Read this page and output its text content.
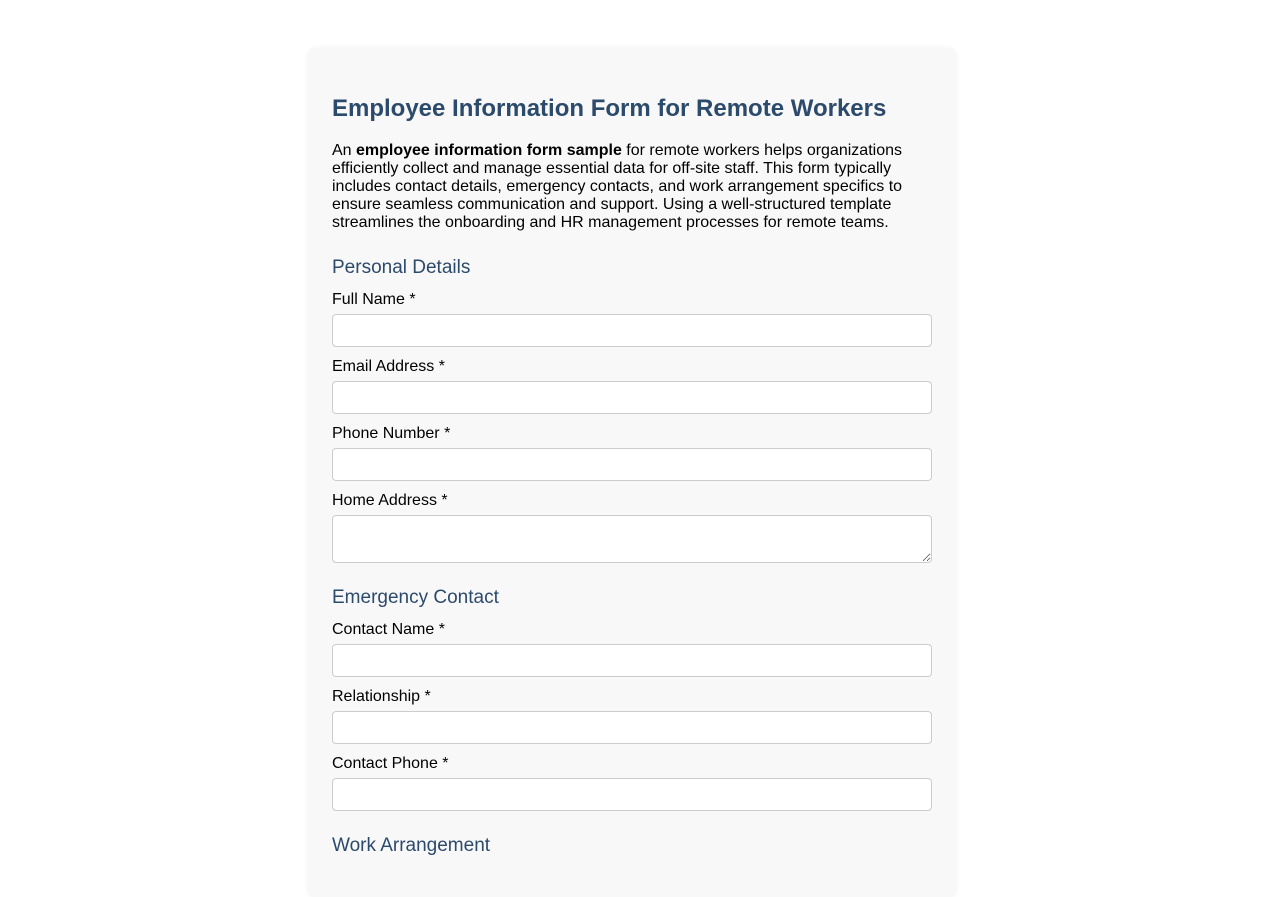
Employee Information Form for Remote Workers

An employee information form sample for remote workers helps organizations efficiently collect and manage essential data for off-site staff. This form typically includes contact details, emergency contacts, and work arrangement specifics to ensure seamless communication and support. Using a well-structured template streamlines the onboarding and HR management processes for remote teams.

Personal Details
Full Name *
Email Address *
Phone Number *
Home Address *
Emergency Contact
Contact Name *
Relationship *
Contact Phone *
Work Arrangement
